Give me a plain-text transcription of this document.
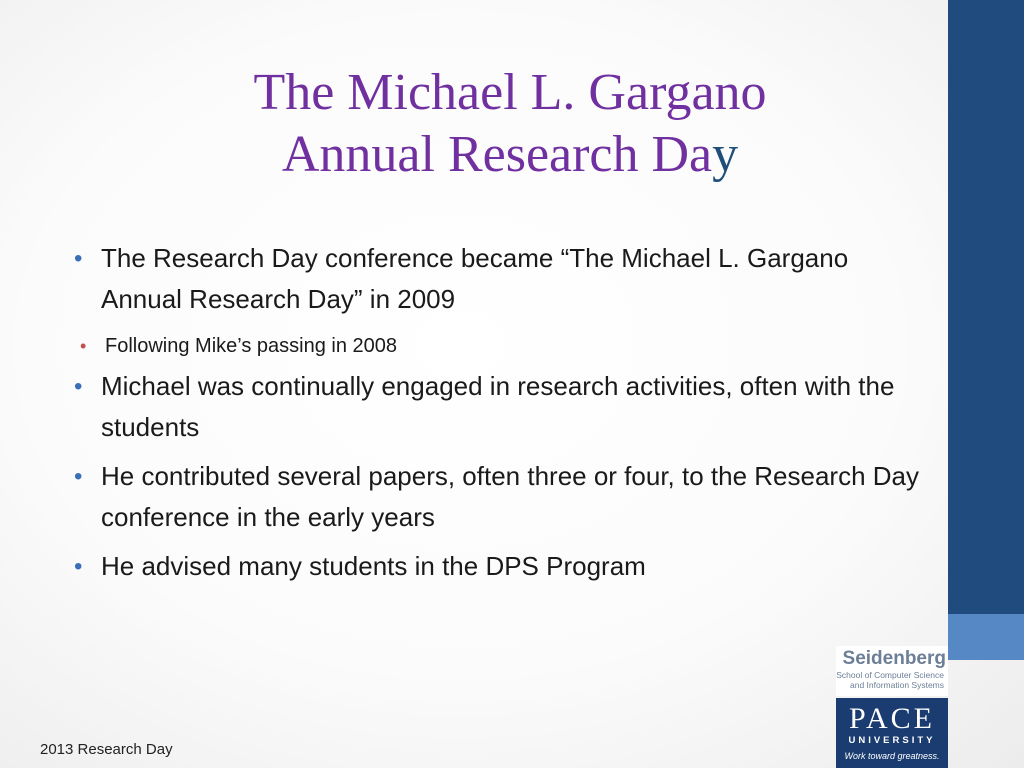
The Michael L. Gargano
Annual Research Day
• The Research Day conference became “The Michael L. Gargano Annual Research Day” in 2009
• Following Mike’s passing in 2008
• Michael was continually engaged in research activities, often with the students
• He contributed several papers, often three or four, to the Research Day conference in the early years
• He advised many students in the DPS Program
2013 Research Day
Seidenberg
School of Computer Science
and Information Systems
PACE
UNIVERSITY
Work toward greatness.
